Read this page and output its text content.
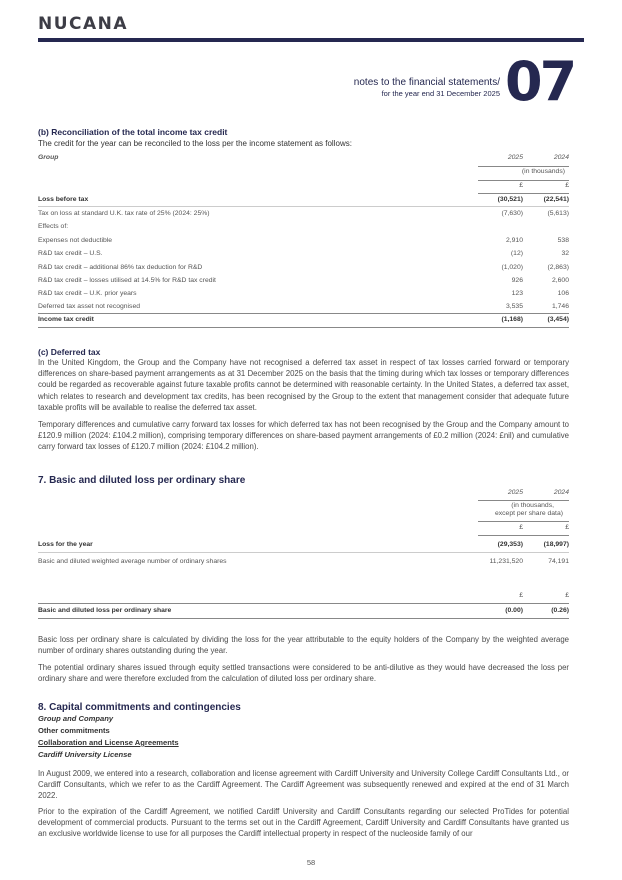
NUCANA
notes to the financial statements/
for the year end 31 December 2025 07
(b) Reconciliation of the total income tax credit
The credit for the year can be reconciled to the loss per the income statement as follows:
Group	2025	2024
(in thousands)
£	£
Loss before tax	(30,521)	(22,541)
Tax on loss at standard U.K. tax rate of 25% (2024: 25%)	(7,630)	(5,613)
Effects of:
Expenses not deductible	2,910	538
R&D tax credit – U.S.	(12)	32
R&D tax credit – additional 86% tax deduction for R&D	(1,020)	(2,863)
R&D tax credit – losses utilised at 14.5% for R&D tax credit	926	2,600
R&D tax credit – U.K. prior years	123	106
Deferred tax asset not recognised	3,535	1,746
Income tax credit	(1,168)	(3,454)
(c) Deferred tax
In the United Kingdom, the Group and the Company have not recognised a deferred tax asset in respect of tax losses carried forward or temporary differences on share-based payment arrangements as at 31 December 2025 on the basis that the timing during which tax losses or temporary differences could be regarded as recoverable against future taxable profits cannot be determined with reasonable certainty. In the United States, a deferred tax asset, which relates to research and development tax credits, has been recognised by the Group to the extent that management consider that adequate future taxable profits will be available to realise the deferred tax asset.
Temporary differences and cumulative carry forward tax losses for which deferred tax has not been recognised by the Group and the Company amount to £120.9 million (2024: £104.2 million), comprising temporary differences on share-based payment arrangements of £0.2 million (2024: £nil) and cumulative carry forward tax losses of £120.7 million (2024: £104.2 million).
7. Basic and diluted loss per ordinary share
2025	2024
(in thousands,
except per share data)
£	£
Loss for the year	(29,353)	(18,997)
Basic and diluted weighted average number of ordinary shares	11,231,520	74,191
£	£
Basic and diluted loss per ordinary share	(0.00)	(0.26)
Basic loss per ordinary share is calculated by dividing the loss for the year attributable to the equity holders of the Company by the weighted average number of ordinary shares outstanding during the year.
The potential ordinary shares issued through equity settled transactions were considered to be anti-dilutive as they would have decreased the loss per ordinary share and were therefore excluded from the calculation of diluted loss per ordinary share.
8. Capital commitments and contingencies
Group and Company
Other commitments
Collaboration and License Agreements
Cardiff University License
In August 2009, we entered into a research, collaboration and license agreement with Cardiff University and University College Cardiff Consultants Ltd., or Cardiff Consultants, which we refer to as the Cardiff Agreement. The Cardiff Agreement was subsequently renewed and expired at the end of 31 March 2022.
Prior to the expiration of the Cardiff Agreement, we notified Cardiff University and Cardiff Consultants regarding our selected ProTides for potential development of commercial products. Pursuant to the terms set out in the Cardiff Agreement, Cardiff University and Cardiff Consultants have granted us an exclusive worldwide license to use for all purposes the Cardiff intellectual property in respect of the nucleoside family of our
58
